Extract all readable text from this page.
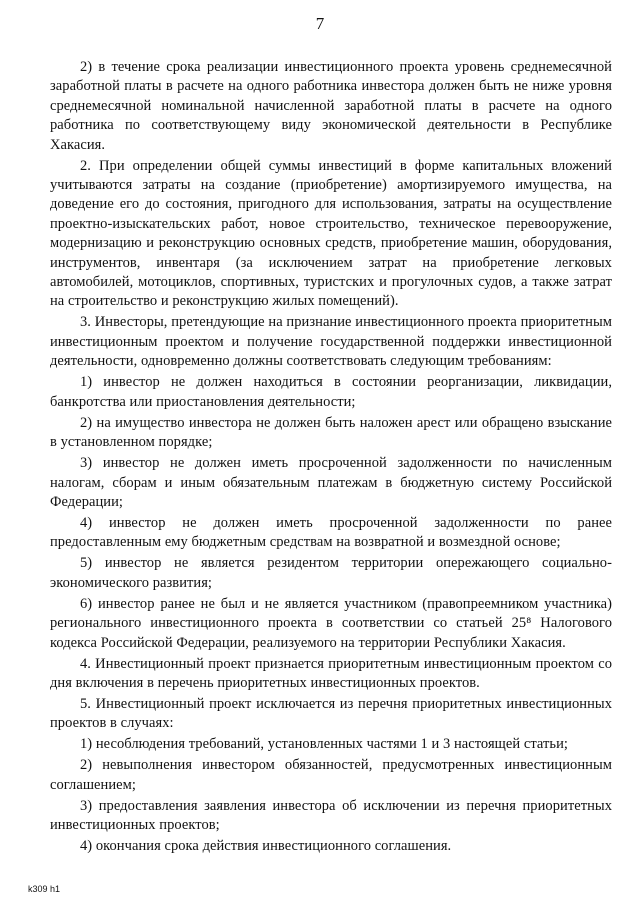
7

2) в течение срока реализации инвестиционного проекта уровень среднемесячной заработной платы в расчете на одного работника инвестора должен быть не ниже уровня среднемесячной номинальной начисленной заработной платы в расчете на одного работника по соответствующему виду экономической деятельности в Республике Хакасия.

2. При определении общей суммы инвестиций в форме капитальных вложений учитываются затраты на создание (приобретение) амортизируемого имущества, на доведение его до состояния, пригодного для использования, затраты на осуществление проектно-изыскательских работ, новое строительство, техническое перевооружение, модернизацию и реконструкцию основных средств, приобретение машин, оборудования, инструментов, инвентаря (за исключением затрат на приобретение легковых автомобилей, мотоциклов, спортивных, туристских и прогулочных судов, а также затрат на строительство и реконструкцию жилых помещений).

3. Инвесторы, претендующие на признание инвестиционного проекта приоритетным инвестиционным проектом и получение государственной поддержки инвестиционной деятельности, одновременно должны соответствовать следующим требованиям:

1) инвестор не должен находиться в состоянии реорганизации, ликвидации, банкротства или приостановления деятельности;

2) на имущество инвестора не должен быть наложен арест или обращено взыскание в установленном порядке;

3) инвестор не должен иметь просроченной задолженности по начисленным налогам, сборам и иным обязательным платежам в бюджетную систему Российской Федерации;

4) инвестор не должен иметь просроченной задолженности по ранее предоставленным ему бюджетным средствам на возвратной и возмездной основе;

5) инвестор не является резидентом территории опережающего социально-экономического развития;

6) инвестор ранее не был и не является участником (правопреемником участника) регионального инвестиционного проекта в соответствии со статьей 25⁸ Налогового кодекса Российской Федерации, реализуемого на территории Республики Хакасия.

4. Инвестиционный проект признается приоритетным инвестиционным проектом со дня включения в перечень приоритетных инвестиционных проектов.

5. Инвестиционный проект исключается из перечня приоритетных инвестиционных проектов в случаях:

1) несоблюдения требований, установленных частями 1 и 3 настоящей статьи;

2) невыполнения инвестором обязанностей, предусмотренных инвестиционным соглашением;

3) предоставления заявления инвестора об исключении из перечня приоритетных инвестиционных проектов;

4) окончания срока действия инвестиционного соглашения.

k309 h1
